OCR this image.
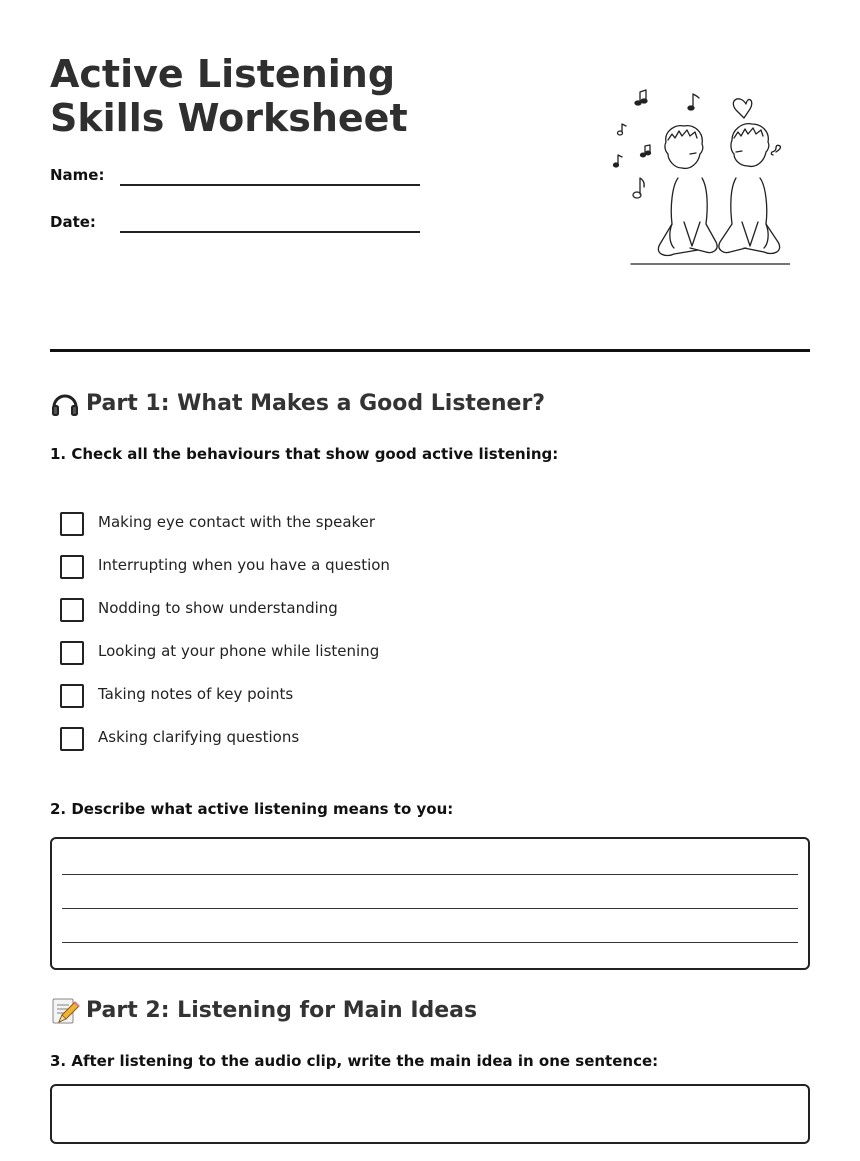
Active Listening Skills Worksheet
Name:
Date:
Part 1: What Makes a Good Listener?

1. Check all the behaviours that show good active listening:

Making eye contact with the speaker
Interrupting when you have a question
Nodding to show understanding
Looking at your phone while listening
Taking notes of key points
Asking clarifying questions

2. Describe what active listening means to you:

Part 2: Listening for Main Ideas

3. After listening to the audio clip, write the main idea in one sentence:
